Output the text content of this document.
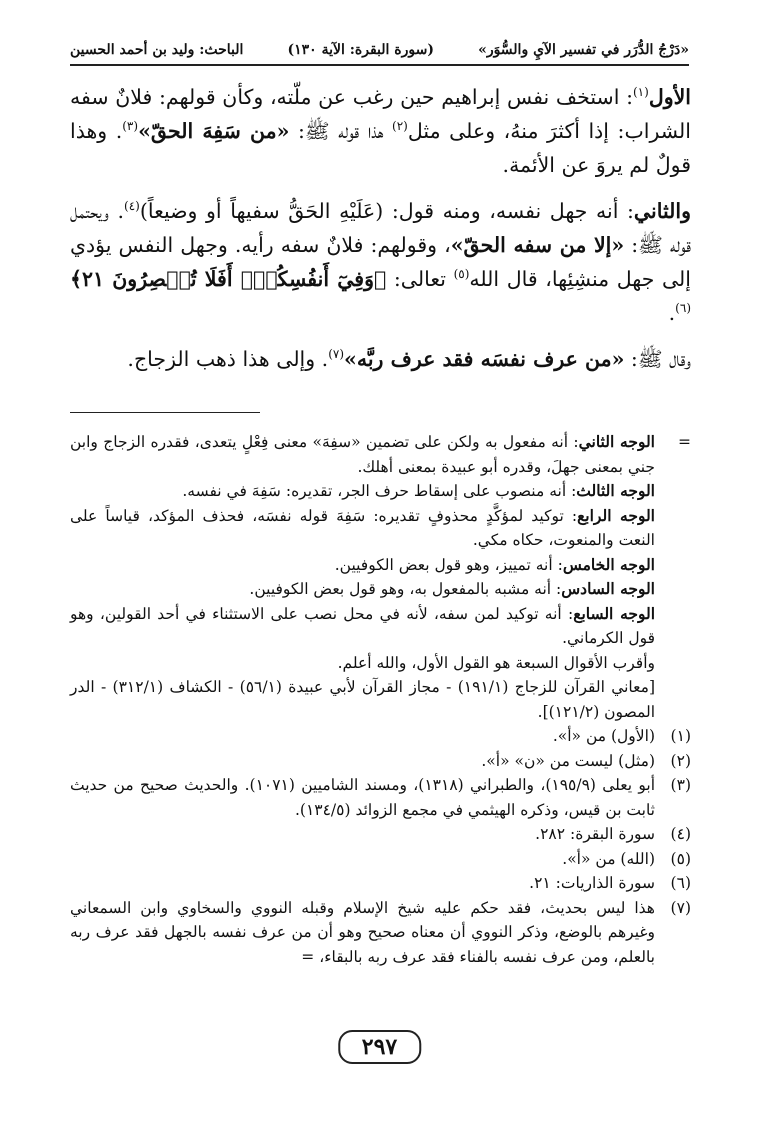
«دَرْجُ الدُّرَر في تفسير الآيِ والسُّوَر»
(سورة البقرة: الآية ١٣٠)
الباحث: وليد بن أحمد الحسين

الأول$^{(١)}$: استخف نفس إبراهيم حين رغب عن ملّته، وكأن قولهم: فلانٌ سفه الشراب: إذا أكثرَ منهُ، وعلى مثل$^{(٢)}$ هذا قوله ﷺ: «من سَفِهَ الحقّ»$^{(٣)}$. وهذا قولٌ لم يروَ عن الأئمة.

والثاني: أنه جهل نفسه، ومنه قول: (عَلَيْهِ الحَقُّ سفيهاً أو وضيعاً)$^{(٤)}$. ويحتمل قوله ﷺ: «إلا من سفه الحقّ»، وقولهم: فلانٌ سفه رأيه. وجهل النفس يؤدي إلى جهل منشِئِها، قال الله$^{(٥)}$ تعالى: ﴿وَفِيٓ أَنفُسِكُمْۚ أَفَلَا تُبۡصِرُونَ ٢١﴾$^{(٦)}$.

وقال ﷺ: «من عرف نفسَه فقد عرف ربَّه»$^{(٧)}$. وإلى هذا ذهب الزجاج.

=
الوجه الثاني: أنه مفعول به ولكن على تضمين «سفِهَ» معنى فِعْلٍ يتعدى، فقدره الزجاج وابن جني بمعنى جهلَ، وقدره أبو عبيدة بمعنى أهلك.
الوجه الثالث: أنه منصوب على إسقاط حرف الجر، تقديره: سَفِهَ في نفسه.
الوجه الرابع: توكيد لمؤكَّدٍ محذوفٍ تقديره: سَفِهَ قوله نفسَه، فحذف المؤكد، قياساً على النعت والمنعوت، حكاه مكي.
الوجه الخامس: أنه تمييز، وهو قول بعض الكوفيين.
الوجه السادس: أنه مشبه بالمفعول به، وهو قول بعض الكوفيين.
الوجه السابع: أنه توكيد لمن سفه، لأنه في محل نصب على الاستثناء في أحد القولين، وهو قول الكرماني.
وأقرب الأقوال السبعة هو القول الأول، والله أعلم.
[معاني القرآن للزجاج (١٩١/١) - مجاز القرآن لأبي عبيدة (٥٦/١) - الكشاف (٣١٢/١) - الدر المصون (١٢١/٢)].
(١)
(الأول) من «أ».
(٢)
(مثل) ليست من «ن» «أ».
(٣)
أبو يعلى (١٩٥/٩)، والطبراني (١٣١٨)، ومسند الشاميين (١٠٧١). والحديث صحيح من حديث ثابت بن قيس، وذكره الهيثمي في مجمع الزوائد (١٣٤/٥).
(٤)
سورة البقرة: ٢٨٢.
(٥)
(الله) من «أ».
(٦)
سورة الذاريات: ٢١.
(٧)
هذا ليس بحديث، فقد حكم عليه شيخ الإسلام وقبله النووي والسخاوي وابن السمعاني وغيرهم بالوضع، وذكر النووي أن معناه صحيح وهو أن من عرف نفسه بالجهل فقد عرف ربه بالعلم، ومن عرف نفسه بالفناء فقد عرف ربه بالبقاء، =
٢٩٧
